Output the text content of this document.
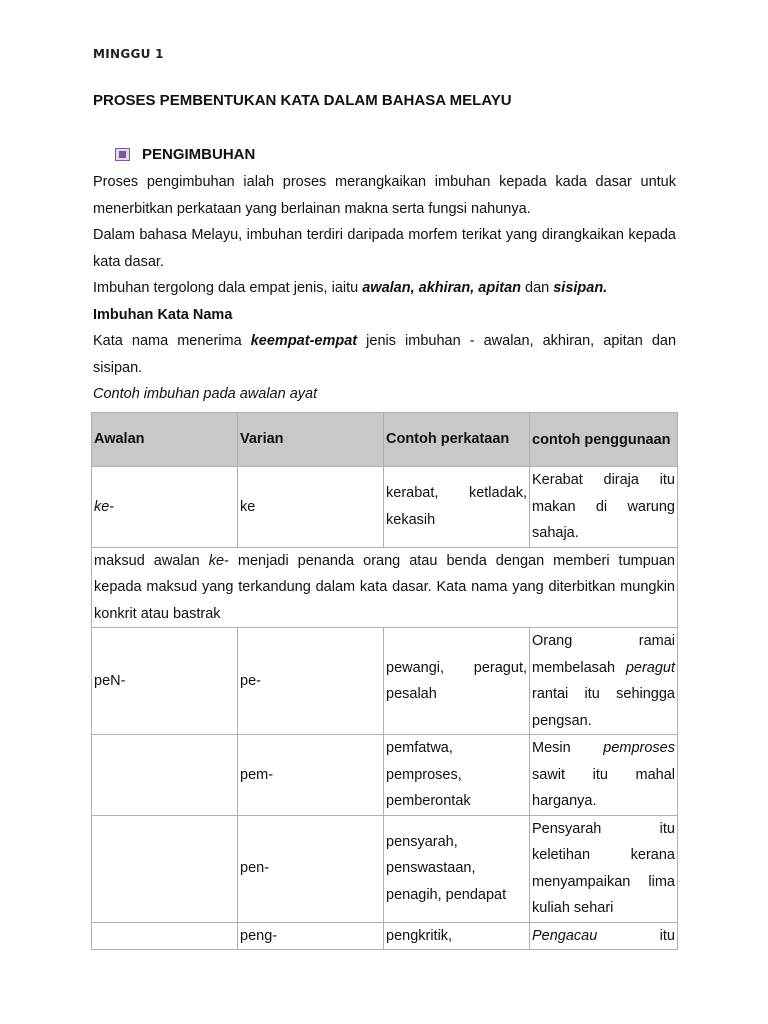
MINGGU 1
PROSES PEMBENTUKAN KATA DALAM BAHASA MELAYU
PENGIMBUHAN

Proses pengimbuhan ialah proses merangkaikan imbuhan kepada kada dasar untuk menerbitkan perkataan yang berlainan makna serta fungsi nahunya.

Dalam bahasa Melayu, imbuhan terdiri daripada morfem terikat yang dirangkaikan kepada kata dasar.

Imbuhan tergolong dala empat jenis, iaitu awalan, akhiran, apitan dan sisipan.

Imbuhan Kata Nama

Kata nama menerima keempat-empat jenis imbuhan - awalan, akhiran, apitan dan sisipan.

Contoh imbuhan pada awalan ayat

Awalan	Varian	Contoh perkataan	contoh penggunaan
ke-	ke	kerabat, ketladak, kekasih	Kerabat diraja itu makan di warung sahaja.
maksud awalan ke- menjadi penanda orang atau benda dengan memberi tumpuan kepada maksud yang terkandung dalam kata dasar. Kata nama yang diterbitkan mungkin konkrit atau bastrak			
peN-	pe-	pewangi, peragut, pesalah	Orang ramai membelasah peragut rantai itu sehingga pengsan.
	pem-	pemfatwa, pemproses, pemberontak	Mesin pemproses sawit itu mahal harganya.
	pen-	pensyarah, penswastaan, penagih, pendapat	Pensyarah itu keletihan kerana menyampaikan lima kuliah sehari
	peng-	pengkritik,	Pengacau itu
